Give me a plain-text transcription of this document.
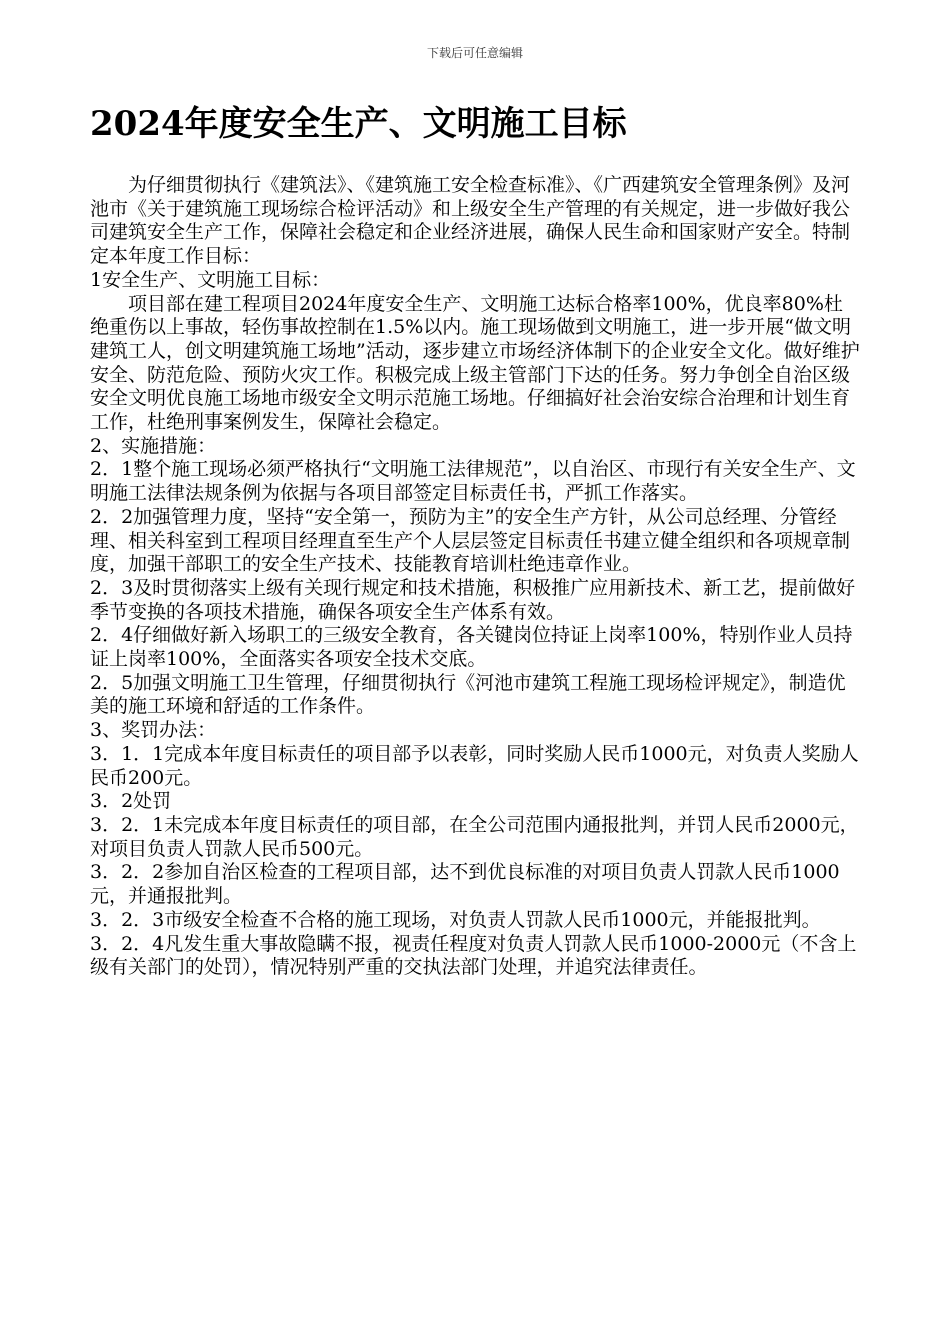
下载后可任意编辑
2024年度安全生产、文明施工目标

为仔细贯彻执行《建筑法》、《建筑施工安全检查标准》、《广西建筑安全管理条例》及河池市《关于建筑施工现场综合检评活动》和上级安全生产管理的有关规定，进一步做好我公司建筑安全生产工作，保障社会稳定和企业经济进展，确保人民生命和国家财产安全。特制定本年度工作目标：

1安全生产、文明施工目标：

项目部在建工程项目2024年度安全生产、文明施工达标合格率100%，优良率80%杜绝重伤以上事故，轻伤事故控制在1.5%以内。施工现场做到文明施工，进一步开展“做文明建筑工人，创文明建筑施工场地”活动，逐步建立市场经济体制下的企业安全文化。做好维护安全、防范危险、预防火灾工作。积极完成上级主管部门下达的任务。努力争创全自治区级安全文明优良施工场地市级安全文明示范施工场地。仔细搞好社会治安综合治理和计划生育工作，杜绝刑事案例发生，保障社会稳定。

2、实施措施：

2．1整个施工现场必须严格执行“文明施工法律规范”，以自治区、市现行有关安全生产、文明施工法律法规条例为依据与各项目部签定目标责任书，严抓工作落实。

2．2加强管理力度，坚持“安全第一，预防为主”的安全生产方针，从公司总经理、分管经理、相关科室到工程项目经理直至生产个人层层签定目标责任书建立健全组织和各项规章制度，加强干部职工的安全生产技术、技能教育培训杜绝违章作业。

2．3及时贯彻落实上级有关现行规定和技术措施，积极推广应用新技术、新工艺，提前做好季节变换的各项技术措施，确保各项安全生产体系有效。

2．4仔细做好新入场职工的三级安全教育，各关键岗位持证上岗率100%，特别作业人员持证上岗率100%，全面落实各项安全技术交底。

2．5加强文明施工卫生管理，仔细贯彻执行《河池市建筑工程施工现场检评规定》，制造优美的施工环境和舒适的工作条件。

3、奖罚办法：

3．1．1完成本年度目标责任的项目部予以表彰，同时奖励人民币1000元，对负责人奖励人民币200元。

3．2处罚

3．2．1未完成本年度目标责任的项目部，在全公司范围内通报批判，并罚人民币2000元，对项目负责人罚款人民币500元。

3．2．2参加自治区检查的工程项目部，达不到优良标准的对项目负责人罚款人民币1000元，并通报批判。

3．2．3市级安全检查不合格的施工现场，对负责人罚款人民币1000元，并能报批判。

3．2．4凡发生重大事故隐瞒不报，视责任程度对负责人罚款人民币1000-2000元（不含上级有关部门的处罚），情况特别严重的交执法部门处理，并追究法律责任。
